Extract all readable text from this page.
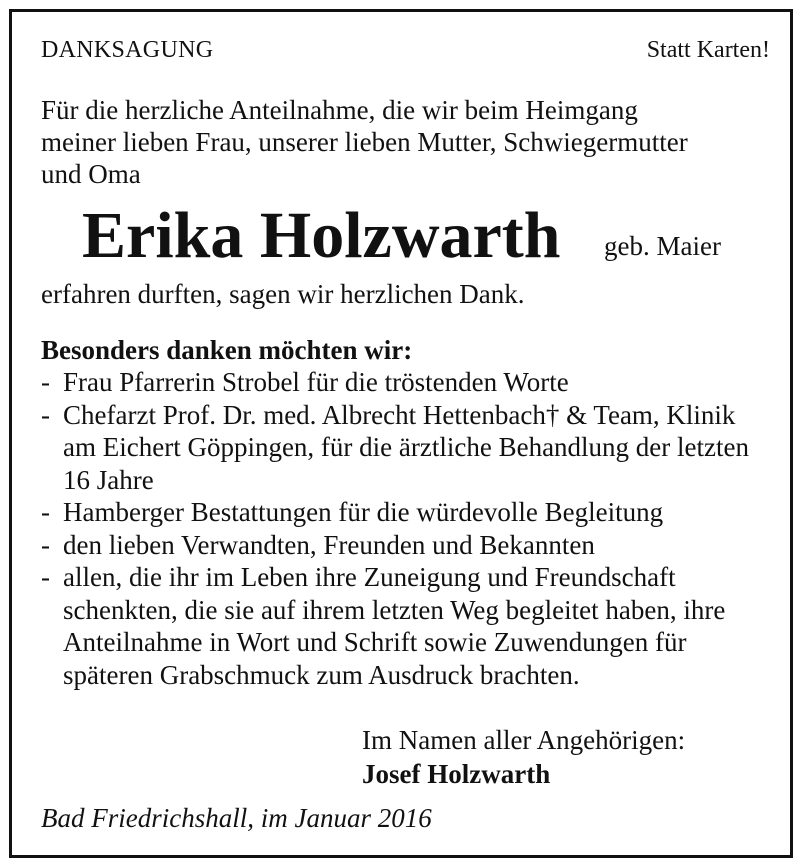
DANKSAGUNG	Statt Karten!
Für die herzliche Anteilnahme, die wir beim Heimgang
meiner lieben Frau, unserer lieben Mutter, Schwiegermutter
und Oma
Erika Holzwarth geb. Maier
erfahren durften, sagen wir herzlichen Dank.
Besonders danken möchten wir:
- Frau Pfarrerin Strobel für die tröstenden Worte
- Chefarzt Prof. Dr. med. Albrecht Hettenbach† & Team, Klinik am Eichert Göppingen, für die ärztliche Behandlung der letzten 16 Jahre
- Hamberger Bestattungen für die würdevolle Begleitung
- den lieben Verwandten, Freunden und Bekannten
- allen, die ihr im Leben ihre Zuneigung und Freundschaft schenkten, die sie auf ihrem letzten Weg begleitet haben, ihre Anteilnahme in Wort und Schrift sowie Zuwendungen für späteren Grabschmuck zum Ausdruck brachten.
Im Namen aller Angehörigen:
Josef Holzwarth
Bad Friedrichshall, im Januar 2016
